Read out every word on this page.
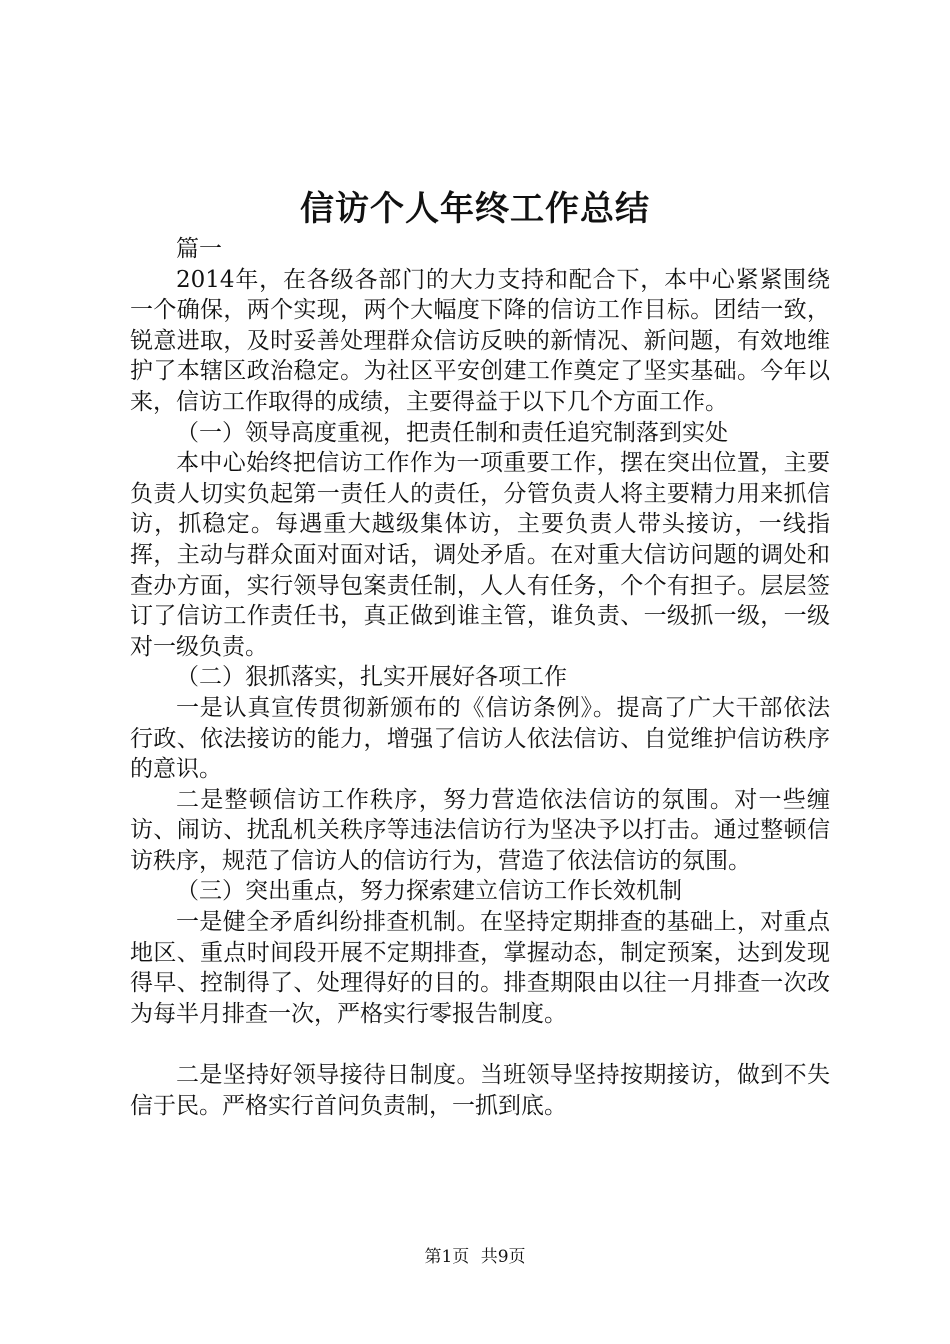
信访个人年终工作总结

篇一

2014年，在各级各部门的大力支持和配合下，本中心紧紧围绕一个确保，两个实现，两个大幅度下降的信访工作目标。团结一致，锐意进取，及时妥善处理群众信访反映的新情况、新问题，有效地维护了本辖区政治稳定。为社区平安创建工作奠定了坚实基础。今年以来，信访工作取得的成绩，主要得益于以下几个方面工作。

（一）领导高度重视，把责任制和责任追究制落到实处

本中心始终把信访工作作为一项重要工作，摆在突出位置，主要负责人切实负起第一责任人的责任，分管负责人将主要精力用来抓信访，抓稳定。每遇重大越级集体访，主要负责人带头接访，一线指挥，主动与群众面对面对话，调处矛盾。在对重大信访问题的调处和查办方面，实行领导包案责任制，人人有任务，个个有担子。层层签订了信访工作责任书，真正做到谁主管，谁负责、一级抓一级，一级对一级负责。

（二）狠抓落实，扎实开展好各项工作

一是认真宣传贯彻新颁布的《信访条例》。提高了广大干部依法行政、依法接访的能力，增强了信访人依法信访、自觉维护信访秩序的意识。

二是整顿信访工作秩序，努力营造依法信访的氛围。对一些缠访、闹访、扰乱机关秩序等违法信访行为坚决予以打击。通过整顿信访秩序，规范了信访人的信访行为，营造了依法信访的氛围。

（三）突出重点，努力探索建立信访工作长效机制

一是健全矛盾纠纷排查机制。在坚持定期排查的基础上，对重点地区、重点时间段开展不定期排查，掌握动态，制定预案，达到发现得早、控制得了、处理得好的目的。排查期限由以往一月排查一次改为每半月排查一次，严格实行零报告制度。

二是坚持好领导接待日制度。当班领导坚持按期接访，做到不失信于民。严格实行首问负责制，一抓到底。

第1页 共9页
